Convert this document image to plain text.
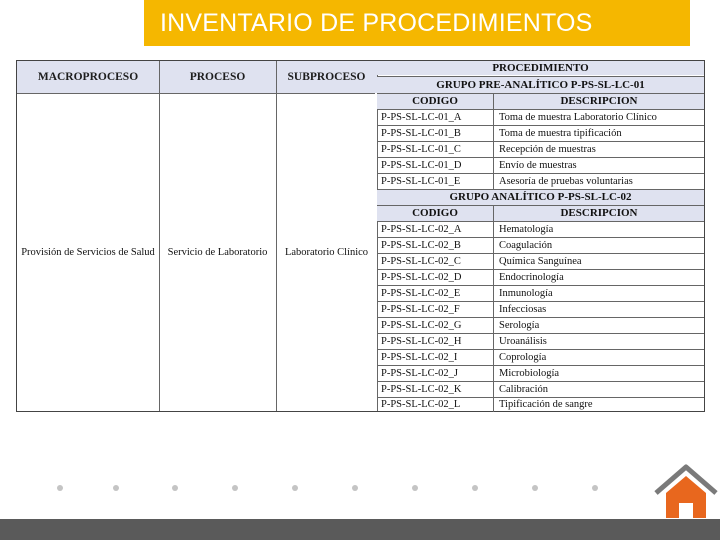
INVENTARIO DE PROCEDIMIENTOS
MACROPROCESO	PROCESO	SUBPROCESO
Provisión de Servicios de Salud	Servicio de Laboratorio	Laboratorio Clínico
PROCEDIMIENTO
GRUPO PRE-ANALÍTICO P-PS-SL-LC-01
CODIGO	DESCRIPCION
P-PS-SL-LC-01_A	Toma de muestra Laboratorio Clínico
P-PS-SL-LC-01_B	Toma de muestra tipificación
P-PS-SL-LC-01_C	Recepción de muestras
P-PS-SL-LC-01_D	Envío de muestras
P-PS-SL-LC-01_E	Asesoría de pruebas voluntarias
GRUPO ANALÍTICO P-PS-SL-LC-02
CODIGO	DESCRIPCION
P-PS-SL-LC-02_A	Hematología
P-PS-SL-LC-02_B	Coagulación
P-PS-SL-LC-02_C	Química Sanguínea
P-PS-SL-LC-02_D	Endocrinología
P-PS-SL-LC-02_E	Inmunología
P-PS-SL-LC-02_F	Infecciosas
P-PS-SL-LC-02_G	Serología
P-PS-SL-LC-02_H	Uroanálisis
P-PS-SL-LC-02_I	Coprología
P-PS-SL-LC-02_J	Microbiología
P-PS-SL-LC-02_K	Calibración
P-PS-SL-LC-02_L	Tipificación de sangre
